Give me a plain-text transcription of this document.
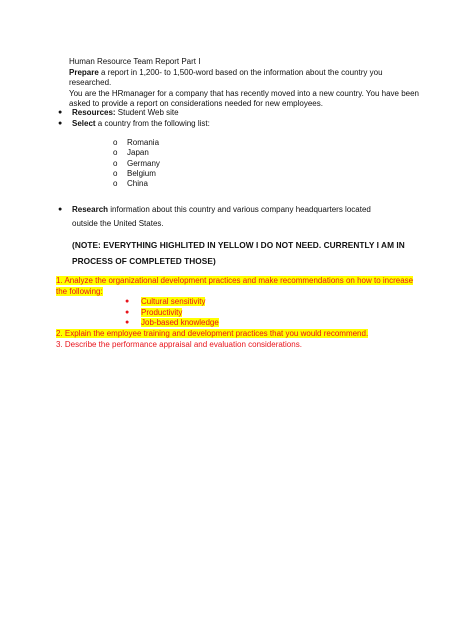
Human Resource Team Report Part I

Prepare a report in 1,200- to 1,500-word based on the information about the country you researched.

You are the HRmanager for a company that has recently moved into a new country. You have been

asked to provide a report on considerations needed for new employees.

● Resources: Student Web site
● Select a country from the following list:
o Romania
o Japan
o Germany
o Belgium
o China
●	Research information about this country and various company headquarters located outside the United States.
(NOTE: EVERYTHING HIGHLITED IN YELLOW I DO NOT NEED. CURRENTLY I AM IN
PROCESS OF COMPLETED THOSE)
1. Analyze the organizational development practices and make recommendations on how to increase
the following:
● Cultural sensitivity
● Productivity
● Job-based knowledge
2. Explain the employee training and development practices that you would recommend.
3. Describe the performance appraisal and evaluation considerations.
